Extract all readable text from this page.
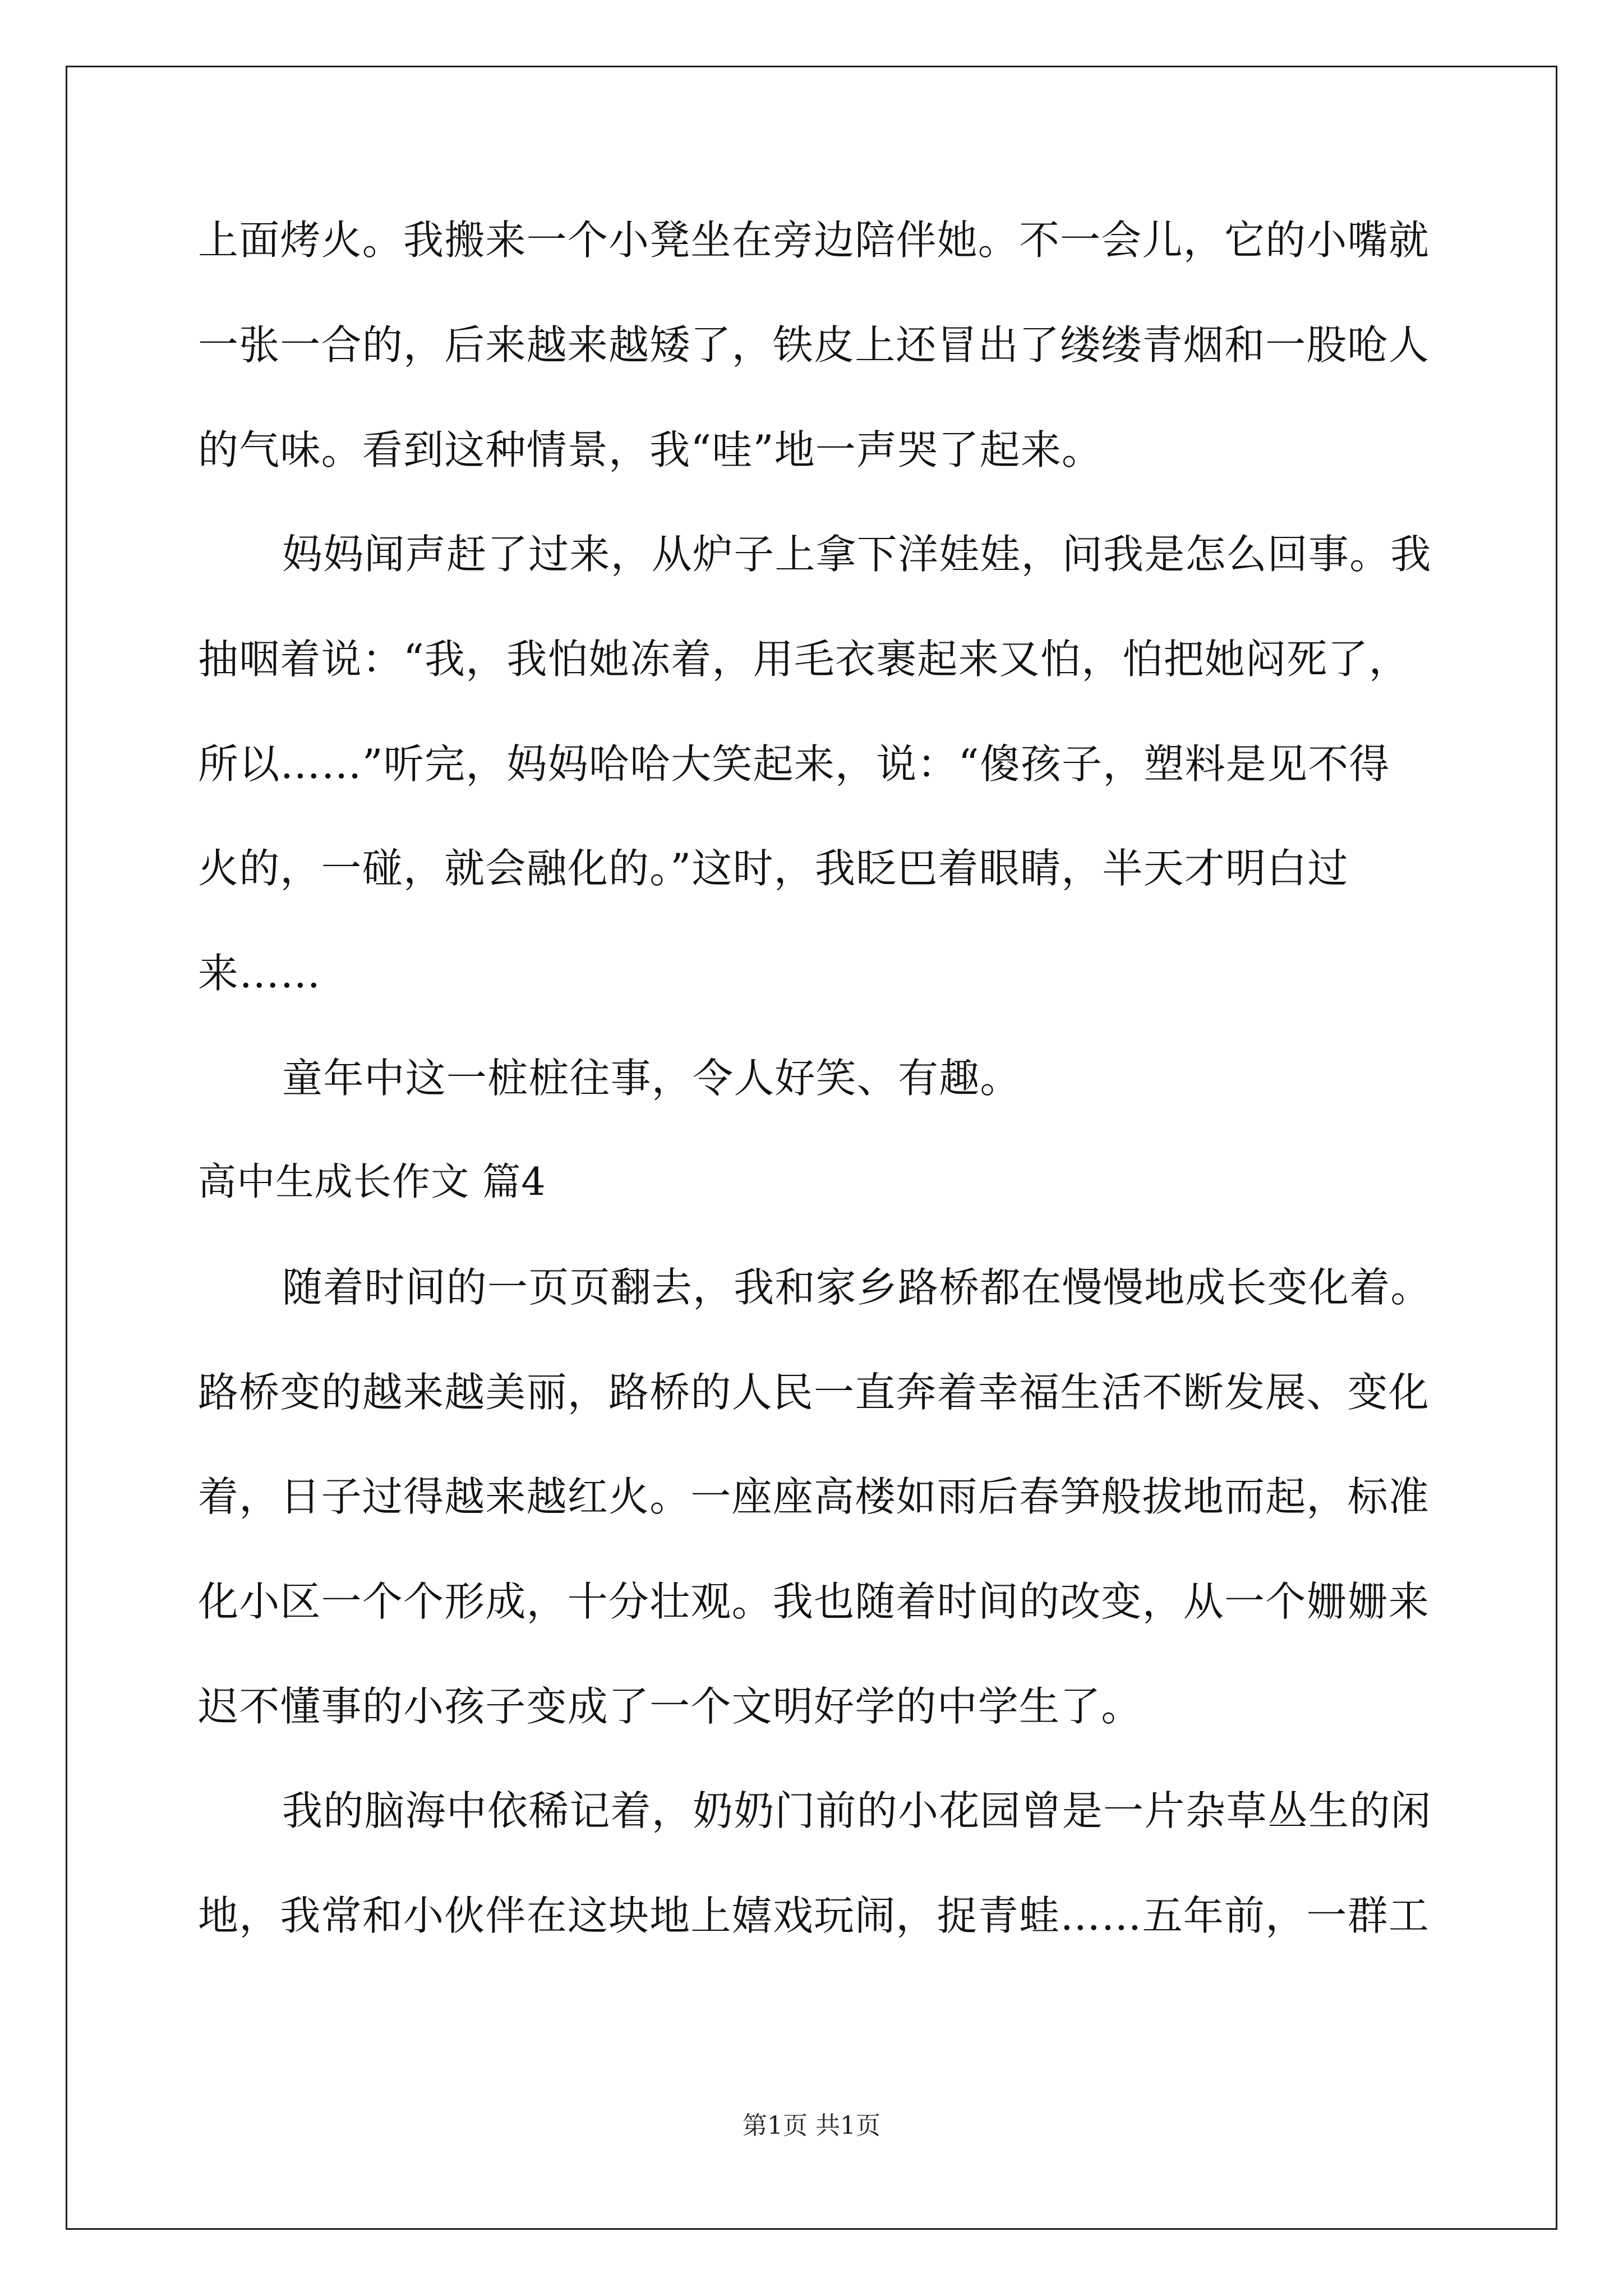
上面烤火。我搬来一个小凳坐在旁边陪伴她。不一会儿，它的小嘴就
一张一合的，后来越来越矮了，铁皮上还冒出了缕缕青烟和一股呛人
的气味。看到这种情景，我“哇”地一声哭了起来。
妈妈闻声赶了过来，从炉子上拿下洋娃娃，问我是怎么回事。我
抽咽着说：“我，我怕她冻着，用毛衣裹起来又怕，怕把她闷死了，
所以……”听完，妈妈哈哈大笑起来，说：“傻孩子，塑料是见不得
火的，一碰，就会融化的。”这时，我眨巴着眼睛，半天才明白过
来……
童年中这一桩桩往事，令人好笑、有趣。
高中生成长作文 篇4
随着时间的一页页翻去，我和家乡路桥都在慢慢地成长变化着。
路桥变的越来越美丽，路桥的人民一直奔着幸福生活不断发展、变化
着，日子过得越来越红火。一座座高楼如雨后春笋般拔地而起，标准
化小区一个个形成，十分壮观。我也随着时间的改变，从一个姗姗来
迟不懂事的小孩子变成了一个文明好学的中学生了。
我的脑海中依稀记着，奶奶门前的小花园曾是一片杂草丛生的闲
地，我常和小伙伴在这块地上嬉戏玩闹，捉青蛙……五年前，一群工
第1页 共1页
